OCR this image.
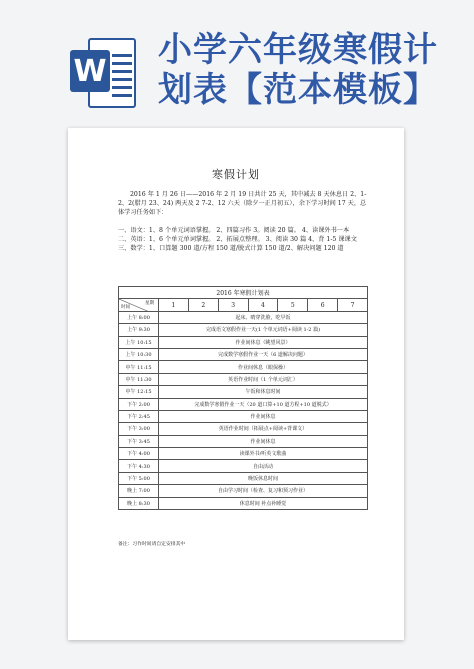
W
小学六年级寒假计划表【范本模板】
寒假计划
2016 年 1 月 26 日——2016 年 2 月 19 日共计 25 天，其中减去 8 天休息日 2、1-2、2(腊月 23、24) 两天及 2 7-2、12 六天（除夕一正月初五），余下学习时间 17 天，总体学习任务如下：
一、语文：1、8 个单元词语掌握。 2、四篇习作 3。阅读 20 篇。 4、读课外书一本
二、英语：1、6 个单元单词掌握。 2、拓展点整理。 3、阅读 30 篇 4、背 1-5 课课文
三、数学：1、口算题 300 道/方程 150 道/脱式计算 150 道/2、解决问题 120 道
2016 年寒假计划表							

星期
时间	1	2	3	4	5	6	7
上午 8:00	起床、晴穿洗脸，吃早饭						
上午 9:30	完成语文寒假作业一天(1 个单元词语+阅读 1-2 篇)						
上午 10:15	作业间休息（眺望风景）						
上午 10:30	完成数学寒假作业一天（6 道解决问题）						
中午 11:15	作业间休息（眼保操）						
中午 11:30	英语作业时间（1 个单元词汇）						
中午 12:15	午饭和休息时间						
下午 2:00	完成数学寒假作业一天（20 道口算+10 道方程+10 道脱式）						
下午 2:45	作业间休息						
下午 3:00	英语作业时间（拓展点+阅读+背课文）						
下午 3:45	作业间休息						
下午 4:00	读课外书/听英文歌曲						
下午 4:30	自由活动						
下午 5:00	晚饭休息时间						
晚上 7:00	自由学习时间（检查、复习和预习作业）						
晚上 8:30	休息时间 补点补睡觉						
备注：习作时间请自定安排其中
